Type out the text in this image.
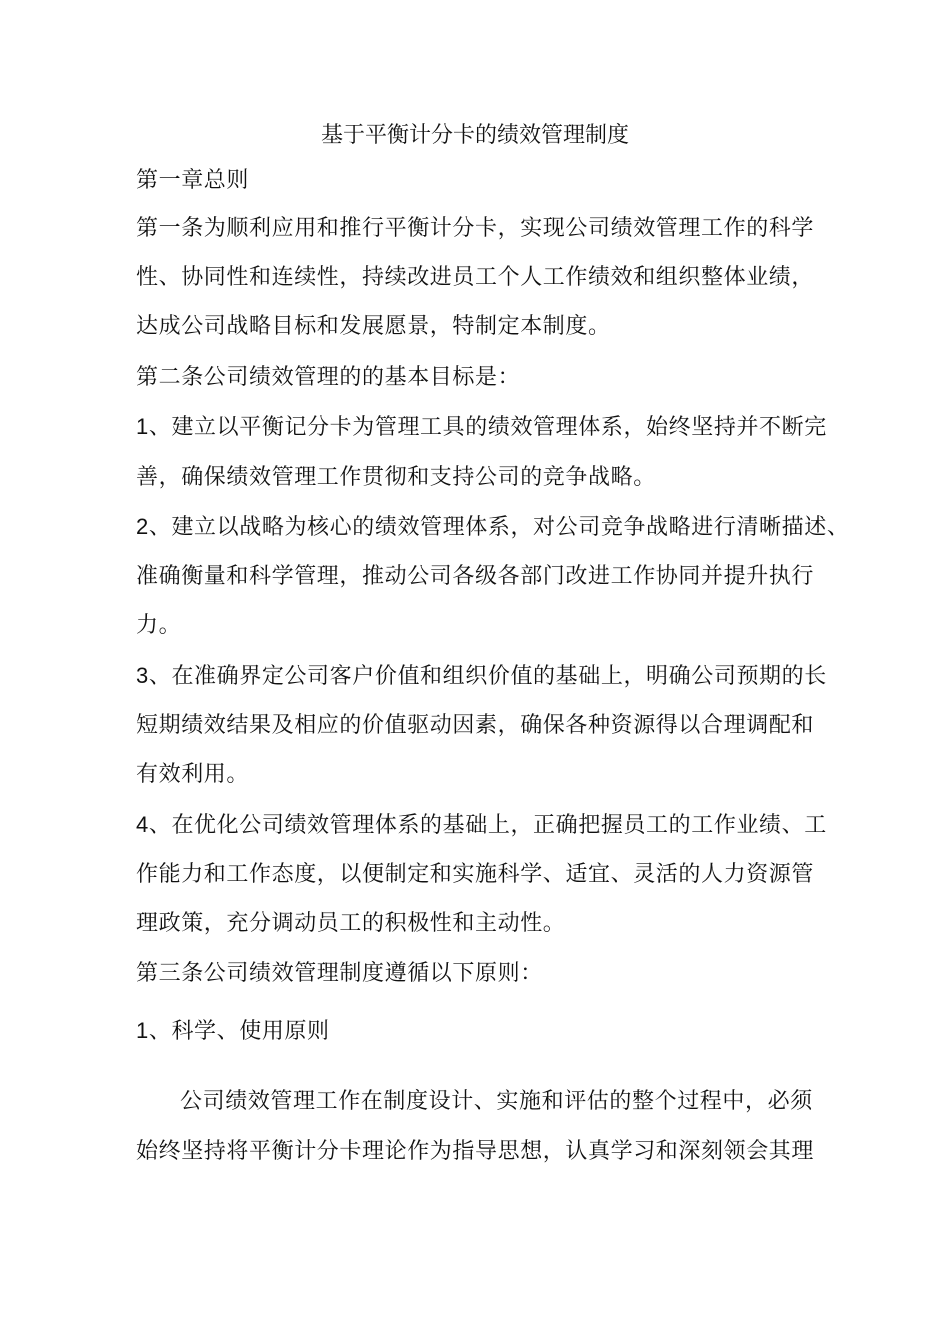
基于平衡计分卡的绩效管理制度
第一章总则
第一条为顺利应用和推行平衡计分卡，实现公司绩效管理工作的科学
性、协同性和连续性，持续改进员工个人工作绩效和组织整体业绩，
达成公司战略目标和发展愿景，特制定本制度。
第二条公司绩效管理的的基本目标是：
1、建立以平衡记分卡为管理工具的绩效管理体系，始终坚持并不断完
善，确保绩效管理工作贯彻和支持公司的竞争战略。
2、建立以战略为核心的绩效管理体系，对公司竞争战略进行清晰描述、
准确衡量和科学管理，推动公司各级各部门改进工作协同并提升执行
力。
3、在准确界定公司客户价值和组织价值的基础上，明确公司预期的长
短期绩效结果及相应的价值驱动因素，确保各种资源得以合理调配和
有效利用。
4、在优化公司绩效管理体系的基础上，正确把握员工的工作业绩、工
作能力和工作态度，以便制定和实施科学、适宜、灵活的人力资源管
理政策，充分调动员工的积极性和主动性。
第三条公司绩效管理制度遵循以下原则：
1、科学、使用原则
公司绩效管理工作在制度设计、实施和评估的整个过程中，必须
始终坚持将平衡计分卡理论作为指导思想，认真学习和深刻领会其理
